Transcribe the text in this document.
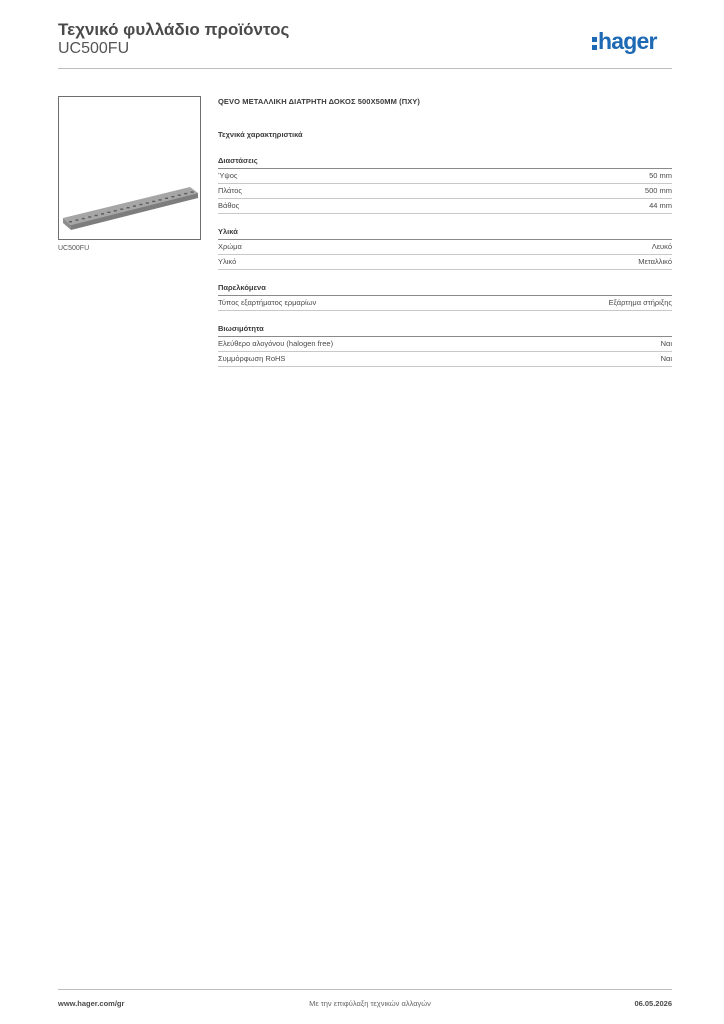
Τεχνικό φυλλάδιο προϊόντος
UC500FU	hager
UC500FU
QEVO ΜΕΤΑΛΛΙΚΗ ΔΙΑΤΡΗΤΗ ΔΟΚΟΣ 500X50MM (ΠΧΥ)
Τεχνικά χαρακτηριστικά
Διαστάσεις
Ύψος	50 mm
Πλάτος	500 mm
Βάθος	44 mm
Υλικά
Χρώμα	Λευκό
Υλικό	Μεταλλικό
Παρελκόμενα
Τύπος εξαρτήματος ερμαρίων	Εξάρτημα στήριξης
Βιωσιμότητα
Ελεύθερο αλογόνου (halogen free)	Ναι
Συμμόρφωση RoHS	Ναι
www.hager.com/gr	Με την επιφύλαξη τεχνικών αλλαγών	06.05.2026
